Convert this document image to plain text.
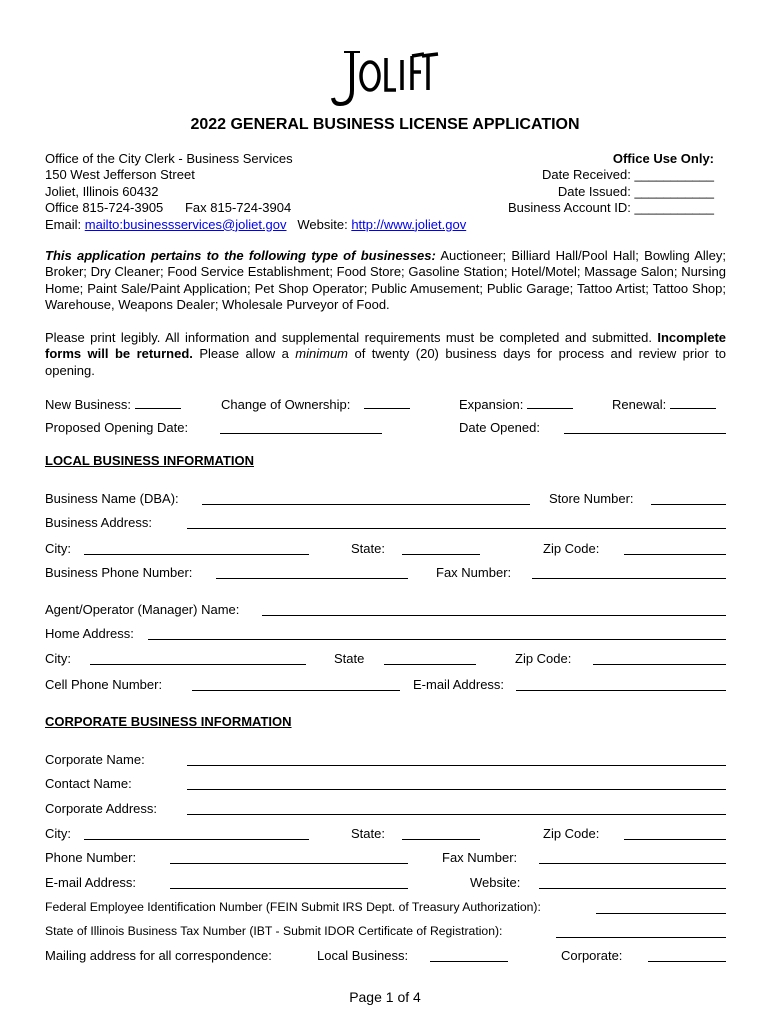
2022 GENERAL BUSINESS LICENSE APPLICATION
Office of the City Clerk - Business Services
150 West Jefferson Street
Joliet, Illinois 60432
Office 815-724-3905 Fax 815-724-3904
Email: mailto:businessservices@joliet.gov Website: http://www.joliet.gov
Office Use Only:
Date Received: ___________
Date Issued: ___________
Business Account ID: ___________
This application pertains to the following type of businesses: Auctioneer; Billiard Hall/Pool Hall; Bowling Alley; Broker; Dry Cleaner; Food Service Establishment; Food Store; Gasoline Station; Hotel/Motel; Massage Salon; Nursing Home; Paint Sale/Paint Application; Pet Shop Operator; Public Amusement; Public Garage; Tattoo Artist; Tattoo Shop; Warehouse, Weapons Dealer; Wholesale Purveyor of Food.
Please print legibly. All information and supplemental requirements must be completed and submitted. Incomplete forms will be returned. Please allow a minimum of twenty (20) business days for process and review prior to opening.
New Business:	Change of Ownership:	Expansion:	Renewal:
Proposed Opening Date:	Date Opened:
LOCAL BUSINESS INFORMATION
Business Name (DBA):	Store Number:
Business Address:
City:	State:	Zip Code:
Business Phone Number:	Fax Number:
Agent/Operator (Manager) Name:
Home Address:
City:	State	Zip Code:
Cell Phone Number:	E-mail Address:
CORPORATE BUSINESS INFORMATION
Corporate Name:
Contact Name:
Corporate Address:
City:	State:	Zip Code:
Phone Number:	Fax Number:
E-mail Address:	Website:
Federal Employee Identification Number (FEIN Submit IRS Dept. of Treasury Authorization):
State of Illinois Business Tax Number (IBT - Submit IDOR Certificate of Registration):
Mailing address for all correspondence:	Local Business:	Corporate:
Page 1 of 4
